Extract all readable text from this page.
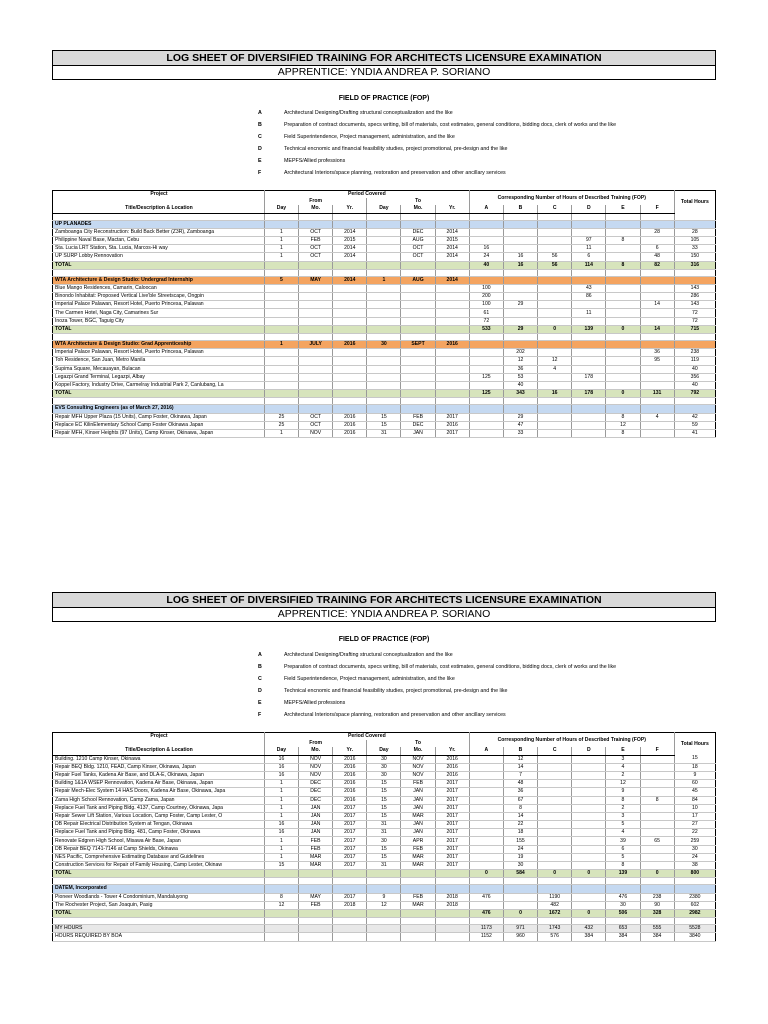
LOG SHEET OF DIVERSIFIED TRAINING FOR ARCHITECTS LICENSURE EXAMINATION
APPRENTICE: YNDIA ANDREA P. SORIANO
FIELD OF PRACTICE (FOP)
A	Architectural Designing/Drafting structural conceptualization and the like
B	Preparation of contract documents, specs writing, bill of materials, cost estimates, general conditions, bidding docs, clerk of works and the like
C	Field Superintendence, Project management, administration, and the like
D	Technical encnomic and financial feasibility studies, project promotional, pre-design and the like
E	MEPFS/Allied professions
F	Architectural Interiors/space planning, restoration and preservation and other ancillary services
Project	Period Covered						Corresponding Number of Hours of Described Training (FOP)						Total Hours
	From			To									
Title/Description & Location	Day	Mo.	Yr.	Day	Mo.	Yr.	A	B	C	D	E	F	

UP PLANADES													
Zamboanga City Reconstruction: Build Back Better (Z3R), Zamboanga	1	OCT	2014		DEC	2014						28	28
Philippine Naval Base, Mactan, Cebu	1	FEB	2015		AUG	2015				97	8		105
Sta. Lucia LRT Station, Sta. Lucia, Marcos-Hi way	1	OCT	2014		OCT	2014	16			11		6	33
UP SURP Lobby Rennovation	1	OCT	2014		OCT	2014	24	16	56	6		48	150
TOTAL							40	16	56	114	8	82	316

WTA Architecture & Design Studio: Undergrad Internship	5	MAY	2014	1	AUG	2014							
Blue Mango Residences, Camarin, Caloocan							100			43			143
Binondo Inhabitat: Proposed Vertical Live’ble Streetscape, Ongpin							200			86			286
Imperial Palace Palawan, Resort Hotel, Puerto Princesa, Palawan							100	29				14	143
The Carmen Hotel, Naga City, Camarines Sur							61			11			72
Inoza Tower, BGC, Taguig City							72						72
TOTAL							533	29	0	139	0	14	715

WTA Architecture & Design Studio: Grad Apprenticeship	1	JULY	2016	30	SEPT	2016							
Imperial Palace Palawan, Resort Hotel, Puerto Princesa, Palawan								202				36	238
Toh Residence, San Juan, Metro Manila								12	12			95	119
Supima Square, Mecauayan, Bulacan								36	4				40
Legazpi Grand Terminal, Legazpi, Albay							125	53		178			356
Koppel Factory, Industry Drive, Carmelray Industrial Park 2, Canlubang, La								40					40
TOTAL							125	343	16	178	0	131	792

EVS Consulting Engineers (as of March 27, 2016)													
Repair MFH Upper Plaza (15 Units), Camp Foster, Okinawa, Japan	25	OCT	2016	15	FEB	2017		29			8	4	42
Replace EC KilinElementary School Camp Foster Okinawa Japan	25	OCT	2016	15	DEC	2016		47			12		59
Repair MFH, Kinser Heights (97 Units), Camp Kinser, Okinawa, Japan	1	NOV	2016	31	JAN	2017		33			8		41
LOG SHEET OF DIVERSIFIED TRAINING FOR ARCHITECTS LICENSURE EXAMINATION
APPRENTICE: YNDIA ANDREA P. SORIANO
FIELD OF PRACTICE (FOP)
A	Architectural Designing/Drafting structural conceptualization and the like
B	Preparation of contract documents, specs writing, bill of materials, cost estimates, general conditions, bidding docs, clerk of works and the like
C	Field Superintendence, Project management, administration, and the like
D	Technical encnomic and financial feasibility studies, project promotional, pre-design and the like
E	MEPFS/Allied professions
F	Architectural Interiors/space planning, restoration and preservation and other ancillary services
Project	Period Covered						Corresponding Number of Hours of Described Training (FOP)						Total Hours
	From			To									
Title/Description & Location	Day	Mo.	Yr.	Day	Mo.	Yr.	A	B	C	D	E	F	
Building. 1210 Camp Kinser, Okinawa	16	NOV	2016	30	NOV	2016		12			3		15
Repair BEQ Bldg. 1210, FEAD, Camp Kinser, Okinawa, Japan	16	NOV	2016	30	NOV	2016		14			4		18
Repair Fuel Tanks, Kadena Air Base, and DLA-E, Okinawa, Japan	16	NOV	2016	30	NOV	2016		7			2		9
Building 1&1A WSEP Rennovation, Kadena Air Base, Okinawa, Japan	1	DEC	2016	15	FEB	2017		48			12		60
Repair Mech-Elec System 14 HAS Doors, Kadena Air Base, Okinawa, Japa	1	DEC	2016	15	JAN	2017		36			9		45
Zama High School Rennovation, Camp Zama, Japan	1	DEC	2016	15	JAN	2017		67			8	8	84
Replace Fuel Tank and Piping Bldg. 4137, Camp Courtney, Okinawa, Japa	1	JAN	2017	15	JAN	2017		8			2		10
Repair Sewer Lift Station, Various Location, Camp Foster, Camp Lester, O	1	JAN	2017	15	MAR	2017		14			3		17
DB Repair Electrical Distribution System at Tengan, Okinawa	16	JAN	2017	31	JAN	2017		22			5		27
Replace Fuel Tank and Piping Bldg. 481, Camp Foster, Okinawa	16	JAN	2017	31	JAN	2017		18			4		22
Renovate Edgren High School, Misawa Air Base, Japan	1	FEB	2017	30	APR	2017		155			39	65	259
DB Repair BEQ 7141-7146 at Camp Shields, Okinawa	1	FEB	2017	15	FEB	2017		24			6		30
NES Pacific, Comprehensive Estimating Database and Guidelines	1	MAR	2017	15	MAR	2017		19			5		24
Construction Services for Repair of Family Housing, Camp Lester, Okinaw	15	MAR	2017	31	MAR	2017		30			8		38
TOTAL							0	584	0	0	139	0	800

DATEM, Incorporated													
Pioneer Woodlands - Tower 4 Condominium, Mandaluyong	8	MAY	2017	9	FEB	2018	476		1190		476	238	2380
The Rochester Project, San Joaquin, Pasig	12	FEB	2018	12	MAR	2018			482		30	90	602
TOTAL							476	0	1672	0	506	328	2982

MY HOURS							1173	971	1743	432	653	555	5528
HOURS REQUIRED BY BOA							1152	960	576	384	384	384	3840
